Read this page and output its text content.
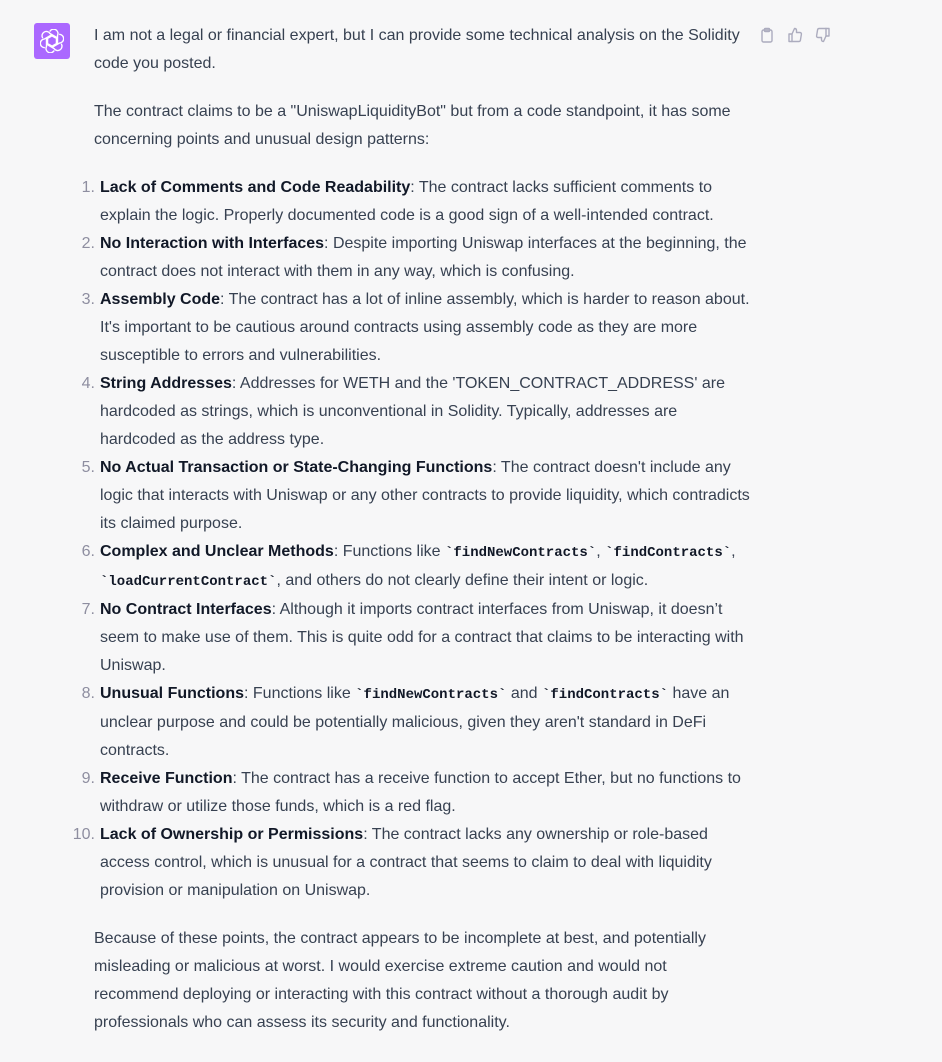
I am not a legal or financial expert, but I can provide some technical analysis on the Solidity code you posted.

The contract claims to be a "UniswapLiquidityBot" but from a code standpoint, it has some concerning points and unusual design patterns:

1. Lack of Comments and Code Readability: The contract lacks sufficient comments to explain the logic. Properly documented code is a good sign of a well-intended contract.
2. No Interaction with Interfaces: Despite importing Uniswap interfaces at the beginning, the contract does not interact with them in any way, which is confusing.
3. Assembly Code: The contract has a lot of inline assembly, which is harder to reason about. It's important to be cautious around contracts using assembly code as they are more susceptible to errors and vulnerabilities.
4. String Addresses: Addresses for WETH and the 'TOKEN_CONTRACT_ADDRESS' are hardcoded as strings, which is unconventional in Solidity. Typically, addresses are hardcoded as the address type.
5. No Actual Transaction or State-Changing Functions: The contract doesn't include any logic that interacts with Uniswap or any other contracts to provide liquidity, which contradicts its claimed purpose.
6. Complex and Unclear Methods: Functions like `findNewContracts`, `findContracts`, `loadCurrentContract`, and others do not clearly define their intent or logic.
7. No Contract Interfaces: Although it imports contract interfaces from Uniswap, it doesn’t seem to make use of them. This is quite odd for a contract that claims to be interacting with Uniswap.
8. Unusual Functions: Functions like `findNewContracts` and `findContracts` have an unclear purpose and could be potentially malicious, given they aren't standard in DeFi contracts.
9. Receive Function: The contract has a receive function to accept Ether, but no functions to withdraw or utilize those funds, which is a red flag.
10. Lack of Ownership or Permissions: The contract lacks any ownership or role-based access control, which is unusual for a contract that seems to claim to deal with liquidity provision or manipulation on Uniswap.

Because of these points, the contract appears to be incomplete at best, and potentially misleading or malicious at worst. I would exercise extreme caution and would not recommend deploying or interacting with this contract without a thorough audit by professionals who can assess its security and functionality.
